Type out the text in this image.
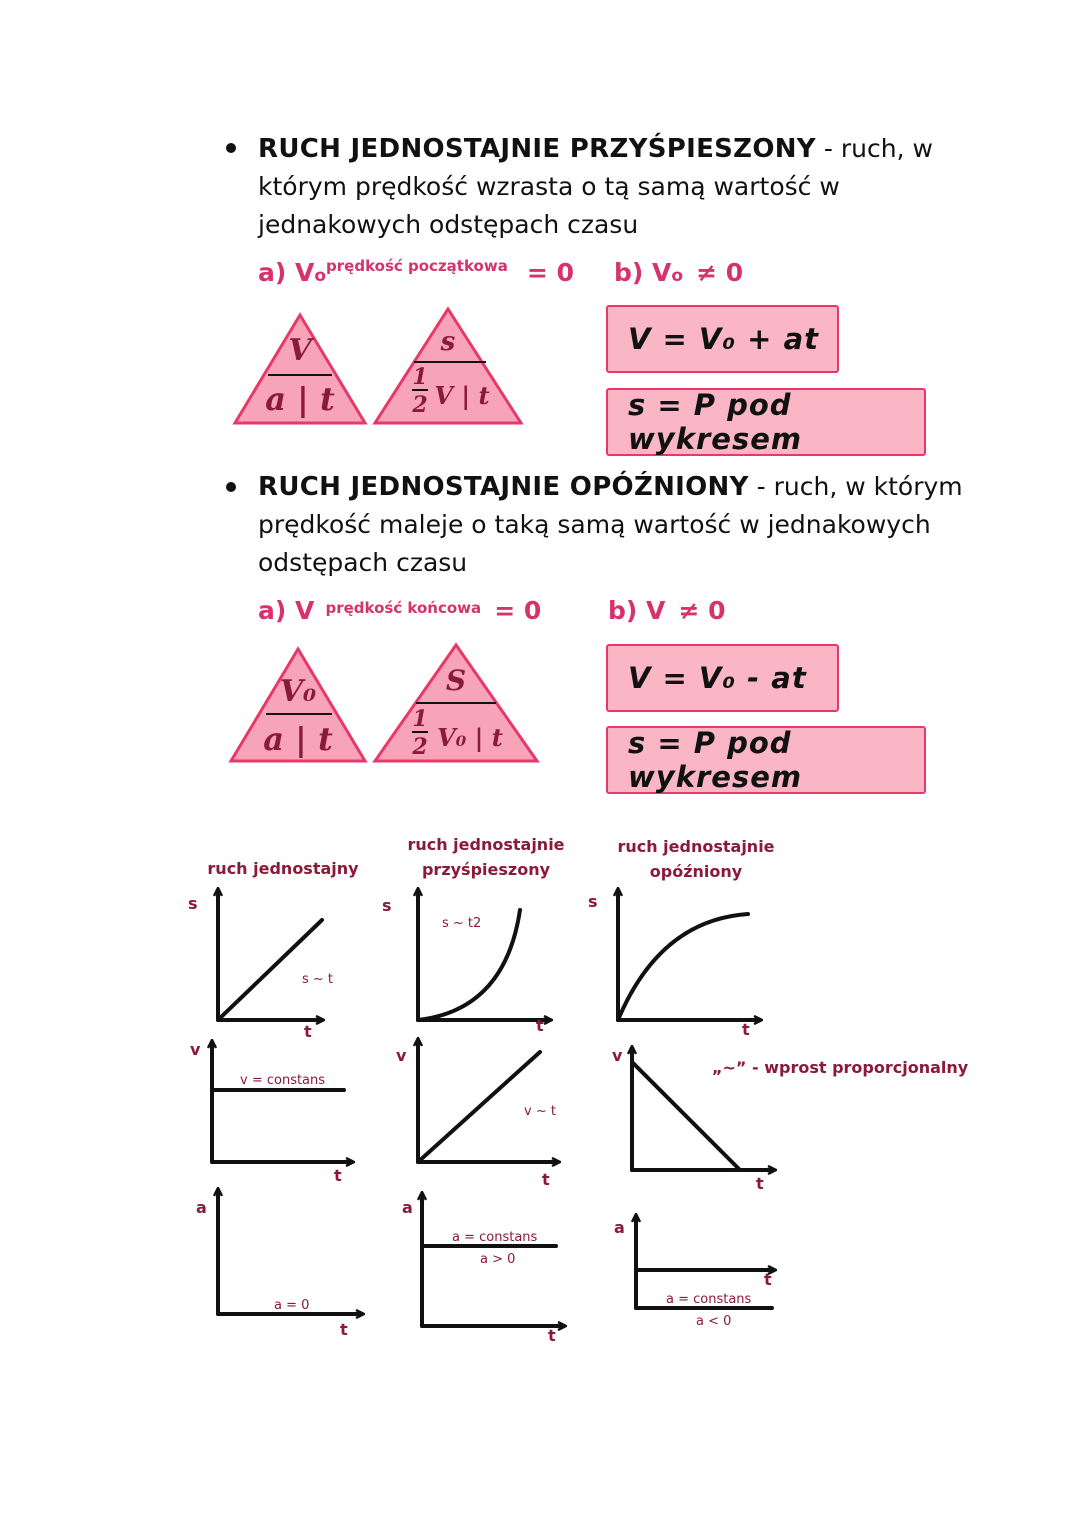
RUCH JEDNOSTAJNIE PRZYŚPIESZONY - ruch, w
którym prędkość wzrasta o tą samą wartość w
jednakowych odstępach czasu
a) Voprędkość początkowa = 0 b) Vo ≠ 0
V
a | t
s
1
2 V | t
V = V₀ + at
s = P pod wykresem
RUCH JEDNOSTAJNIE OPÓŹNIONY - ruch, w którym
prędkość maleje o taką samą wartość w jednakowych
odstępach czasu
a) V prędkość końcowa = 0	b) V ≠ 0
V₀
a | t
S
1
2 V₀ | t
V = V₀ - at
s = P pod wykresem
ruch jednostajny
ruch jednostajnie
przyśpieszony
ruch jednostajnie
opóźniony
s	s	s
v	v	v
a	a
a
t	t	t
t	t	t
t	t
t
s ~ t
s ~ t2
v = constans
v ~ t
a = 0
a = constans
a > 0
a = constans
a < 0
„~” - wprost proporcjonalny
